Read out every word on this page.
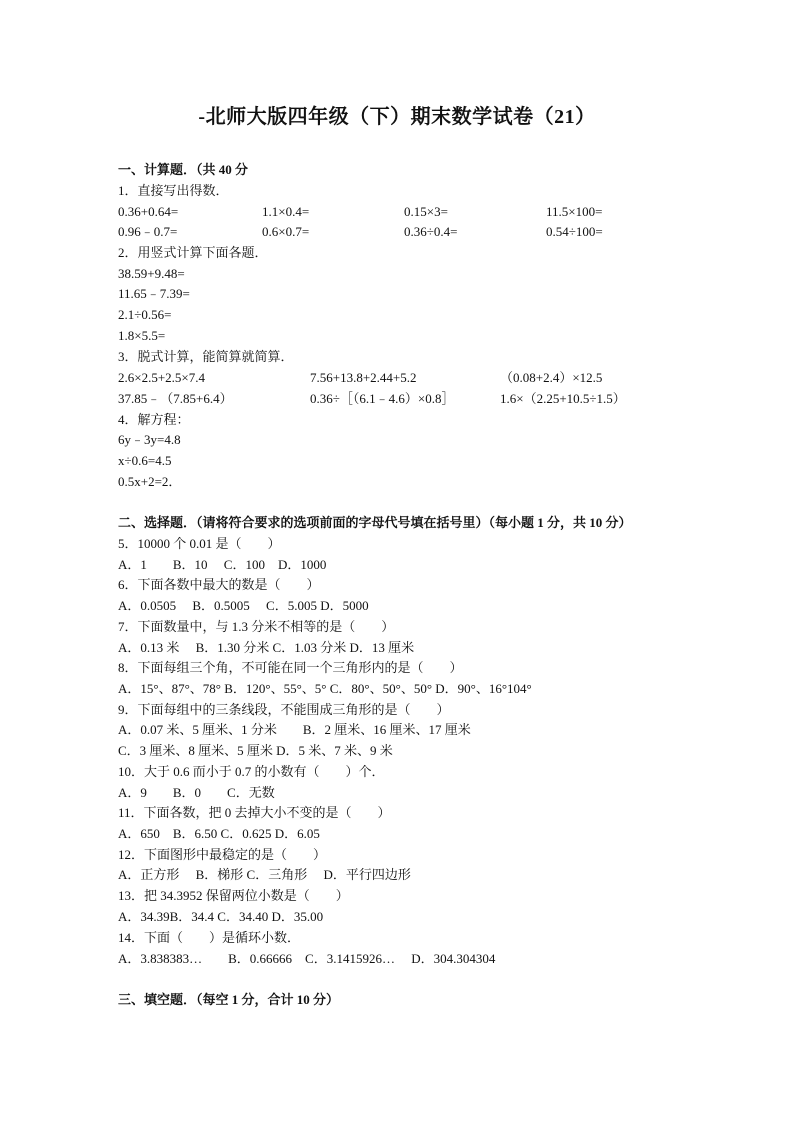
-北师大版四年级（下）期末数学试卷（21）
一、计算题．（共 40 分
1．直接写出得数．
0.36+0.64=	1.1×0.4=	0.15×3=	11.5×100=
0.96﹣0.7=	0.6×0.7=	0.36÷0.4=	0.54÷100=
2．用竖式计算下面各题．
38.59+9.48=
11.65﹣7.39=
2.1÷0.56=
1.8×5.5=
3．脱式计算，能简算就简算．
2.6×2.5+2.5×7.4	7.56+13.8+2.44+5.2	（0.08+2.4）×12.5
37.85﹣（7.85+6.4）	0.36÷［（6.1﹣4.6）×0.8］	1.6×（2.25+10.5÷1.5）
4．解方程：
6y﹣3y=4.8
x÷0.6=4.5
0.5x+2=2．
二、选择题．（请将符合要求的选项前面的字母代号填在括号里）（每小题 1 分，共 10 分）
5．10000 个 0.01 是（　　）
A．1　　B．10　 C．100　D．1000
6．下面各数中最大的数是（　　）
A．0.0505　 B．0.5005　 C．5.005 D．5000
7．下面数量中，与 1.3 分米不相等的是（　　）
A．0.13 米　 B．1.30 分米 C．1.03 分米 D．13 厘米
8．下面每组三个角，不可能在同一个三角形内的是（　　）
A．15°、87°、78° B．120°、55°、5° C．80°、50°、50° D．90°、16°104°
9．下面每组中的三条线段，不能围成三角形的是（　　）
A．0.07 米、5 厘米、1 分米　　B．2 厘米、16 厘米、17 厘米
C．3 厘米、8 厘米、5 厘米 D．5 米、7 米、9 米
10．大于 0.6 而小于 0.7 的小数有（　　）个．
A．9　　B．0　　C．无数
11．下面各数，把 0 去掉大小不变的是（　　）
A．650　B．6.50 C．0.625 D．6.05
12．下面图形中最稳定的是（　　）
A．正方形　 B．梯形 C．三角形　 D．平行四边形
13．把 34.3952 保留两位小数是（　　）
A．34.39B．34.4 C．34.40 D．35.00
14．下面（　　）是循环小数．
A．3.838383…　　B．0.66666　C．3.1415926…　 D．304.304304
三、填空题．（每空 1 分，合计 10 分）
